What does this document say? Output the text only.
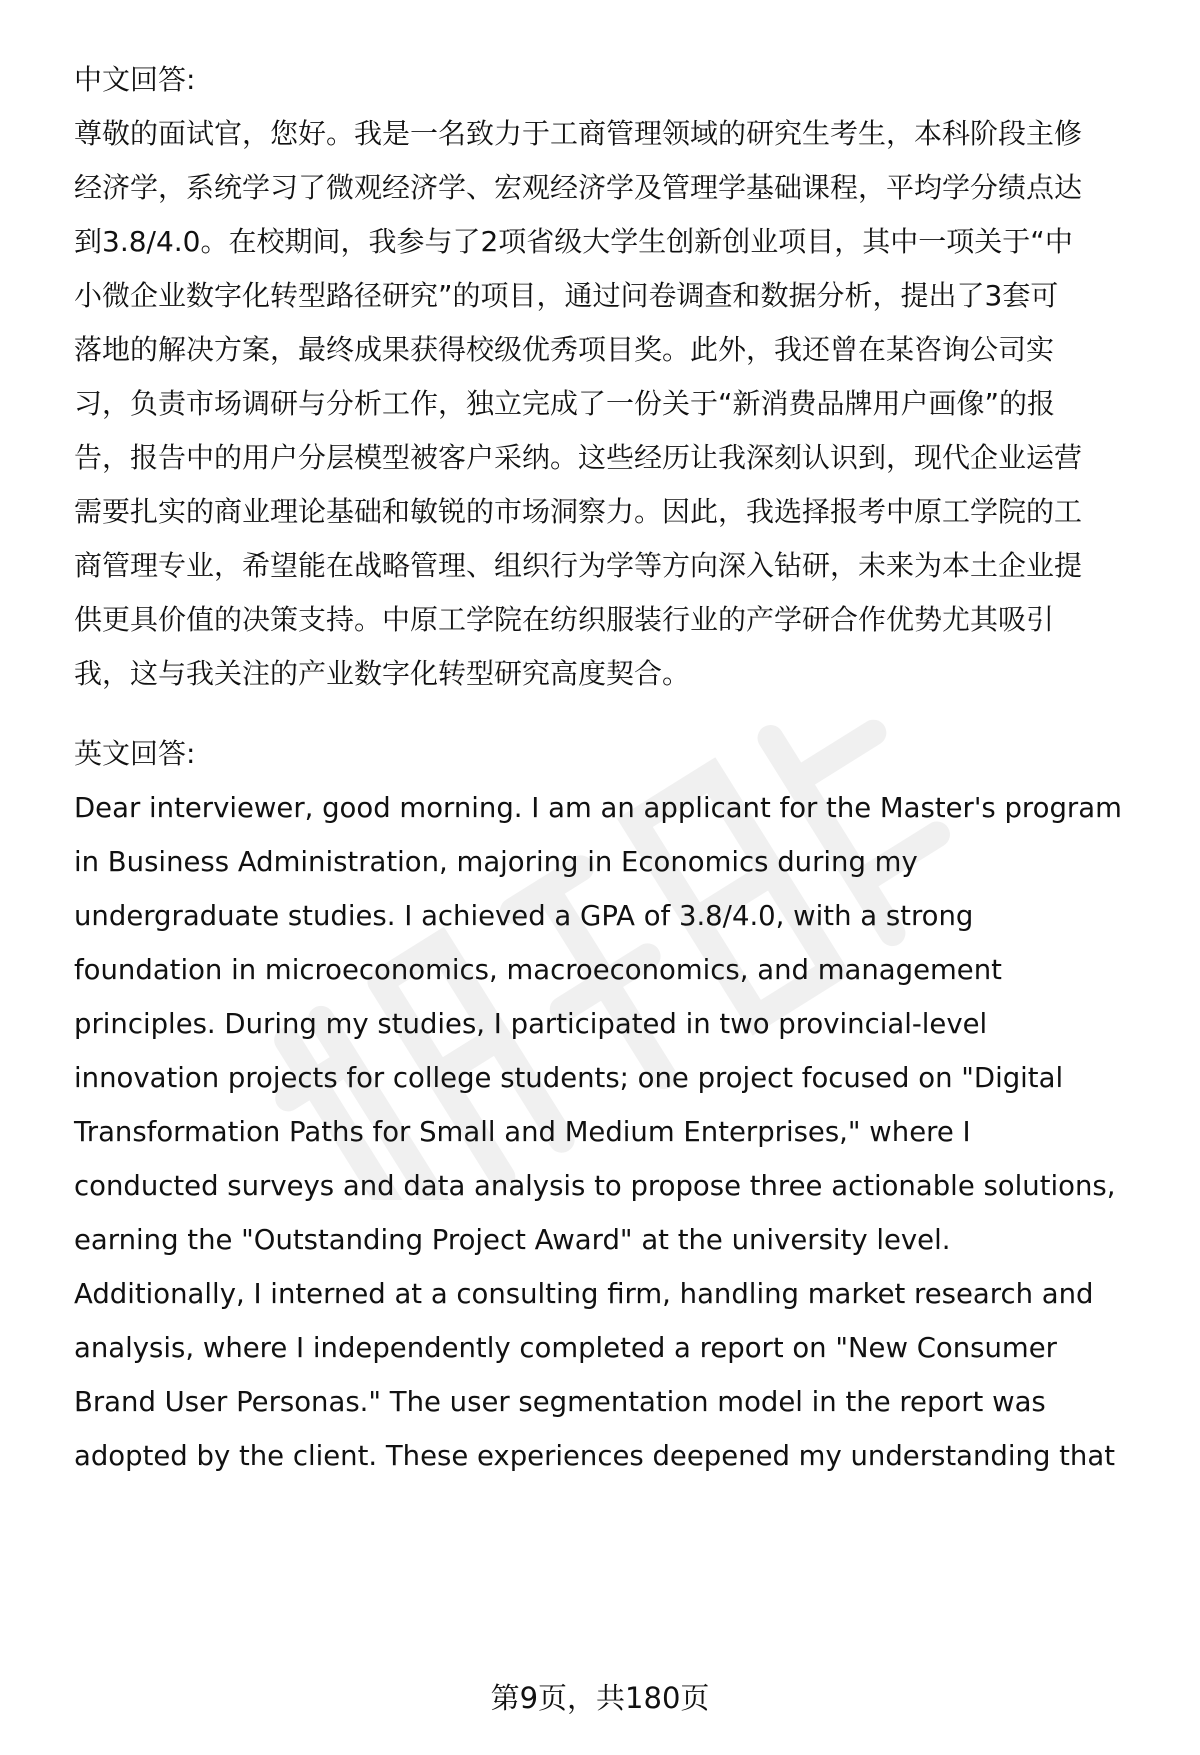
中文回答:
尊敬的面试官，您好。我是一名致力于工商管理领域的研究生考生，本科阶段主修
经济学，系统学习了微观经济学、宏观经济学及管理学基础课程，平均学分绩点达
到3.8/4.0。在校期间，我参与了2项省级大学生创新创业项目，其中一项关于“中
小微企业数字化转型路径研究”的项目，通过问卷调查和数据分析，提出了3套可
落地的解决方案，最终成果获得校级优秀项目奖。此外，我还曾在某咨询公司实
习，负责市场调研与分析工作，独立完成了一份关于“新消费品牌用户画像”的报
告，报告中的用户分层模型被客户采纳。这些经历让我深刻认识到，现代企业运营
需要扎实的商业理论基础和敏锐的市场洞察力。因此，我选择报考中原工学院的工
商管理专业，希望能在战略管理、组织行为学等方向深入钻研，未来为本土企业提
供更具价值的决策支持。中原工学院在纺织服装行业的产学研合作优势尤其吸引
我，这与我关注的产业数字化转型研究高度契合。
英文回答:
Dear interviewer, good morning. I am an applicant for the Master's program
in Business Administration, majoring in Economics during my
undergraduate studies. I achieved a GPA of 3.8/4.0, with a strong
foundation in microeconomics, macroeconomics, and management
principles. During my studies, I participated in two provincial-level
innovation projects for college students; one project focused on "Digital
Transformation Paths for Small and Medium Enterprises," where I
conducted surveys and data analysis to propose three actionable solutions,
earning the "Outstanding Project Award" at the university level.
Additionally, I interned at a consulting firm, handling market research and
analysis, where I independently completed a report on "New Consumer
Brand User Personas." The user segmentation model in the report was
adopted by the client. These experiences deepened my understanding that
第9页，共180页
